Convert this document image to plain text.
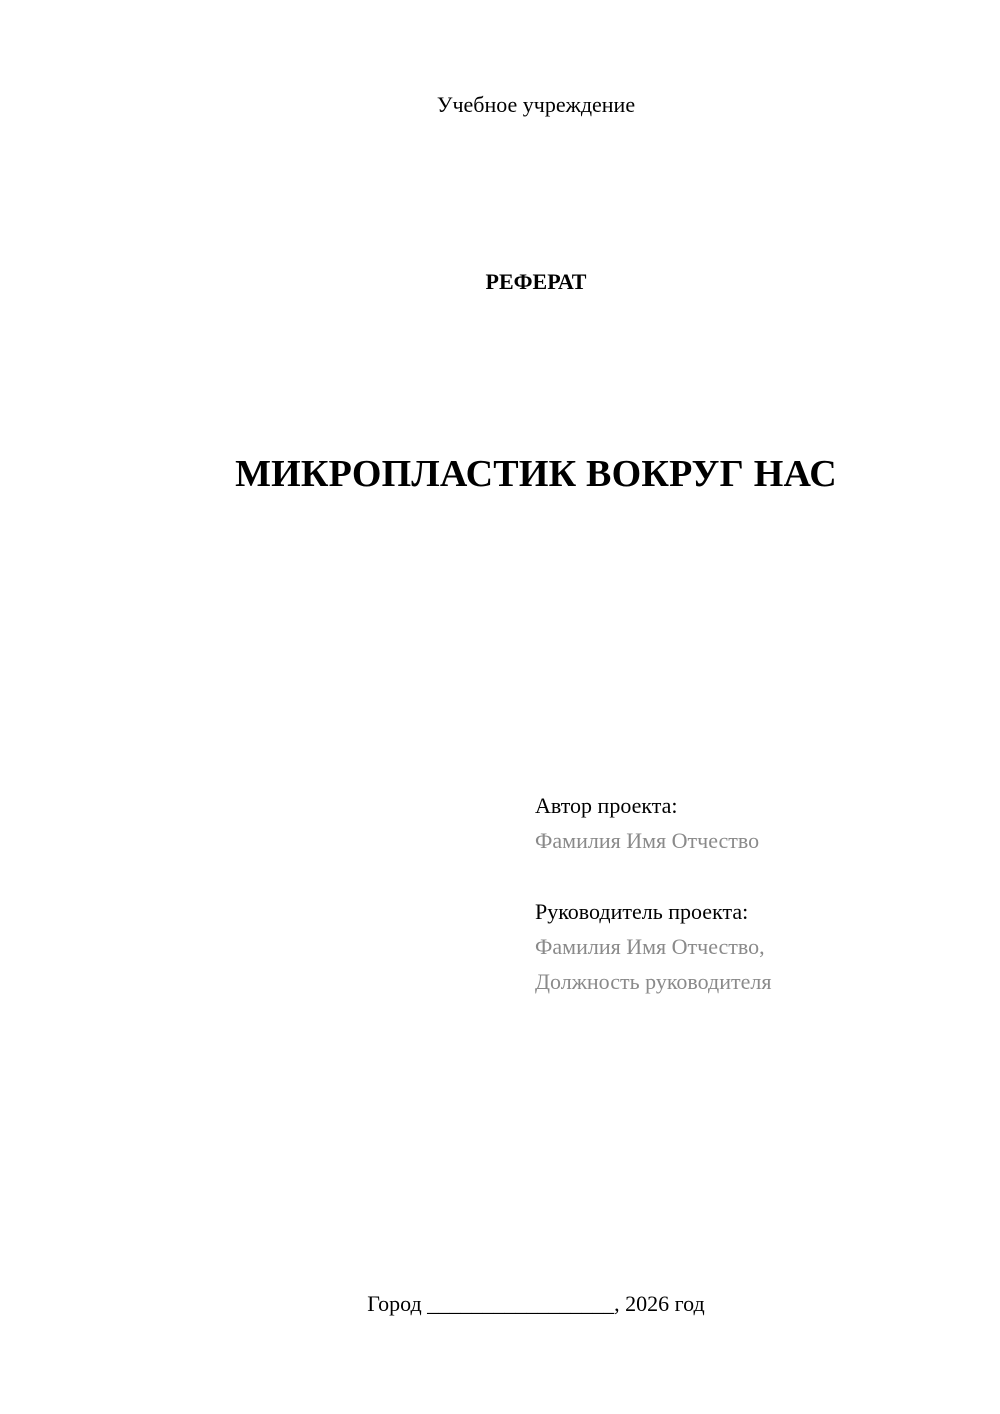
Учебное учреждение
РЕФЕРАТ
МИКРОПЛАСТИК ВОКРУГ НАС
Автор проекта:
Фамилия Имя Отчество
Руководитель проекта:
Фамилия Имя Отчество,
Должность руководителя
Город _________________, 2026 год
